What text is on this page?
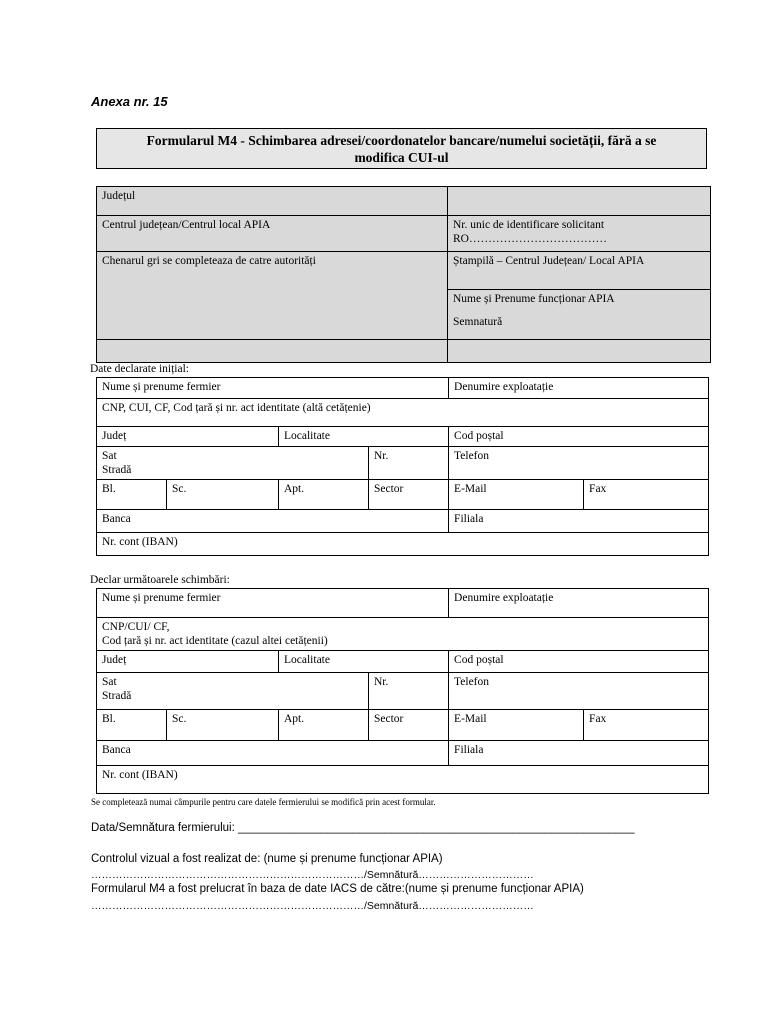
Anexa nr. 15
Formularul M4 - Schimbarea adresei/coordonatelor bancare/numelui societății, fără a se
modifica CUI-ul
Județul	
Centrul județean/Centrul local APIA	Nr. unic de identificare solicitant
RO………………………………

Chenarul gri se completeaza de catre autorități	Ștampilă – Centrul Județean/ Local APIA

	Nume și Prenume funcționar APIA
Semnatură

Date declarate inițial:
Nume și prenume fermier				Denumire exploatație	
CNP, CUI, CF, Cod țară și nr. act identitate (altă cetățenie)					
Județ		Localitate		Cod poștal	

Sat
Stradă			Nr.	Telefon	
Bl.	Sc.	Apt.	Sector	E-Mail	Fax
Banca				Filiala	
Nr. cont (IBAN)					
Declar următoarele schimbări:
Nume și prenume fermier				Denumire exploatație	

CNP/CUI/ CF,
Cod țară și nr. act identitate (cazul altei cetățenii)					

Județ		Localitate		Cod poștal	

Sat
Stradă			Nr.	Telefon	
Bl.	Sc.	Apt.	Sector	E-Mail	Fax
Banca				Filiala	
Nr. cont (IBAN)					
Se completează numai câmpurile pentru care datele fermierului se modifică prin acest formular.
Data/Semnătura fermierului: ______________________________________________________________
Controlul vizual a fost realizat de: (nume și prenume funcționar APIA)
……………………………………………………………………/Semnătură……………………………
Formularul M4 a fost prelucrat în baza de date IACS de către:(nume și prenume funcționar APIA)
……………………………………………………………………/Semnătură……………………………
